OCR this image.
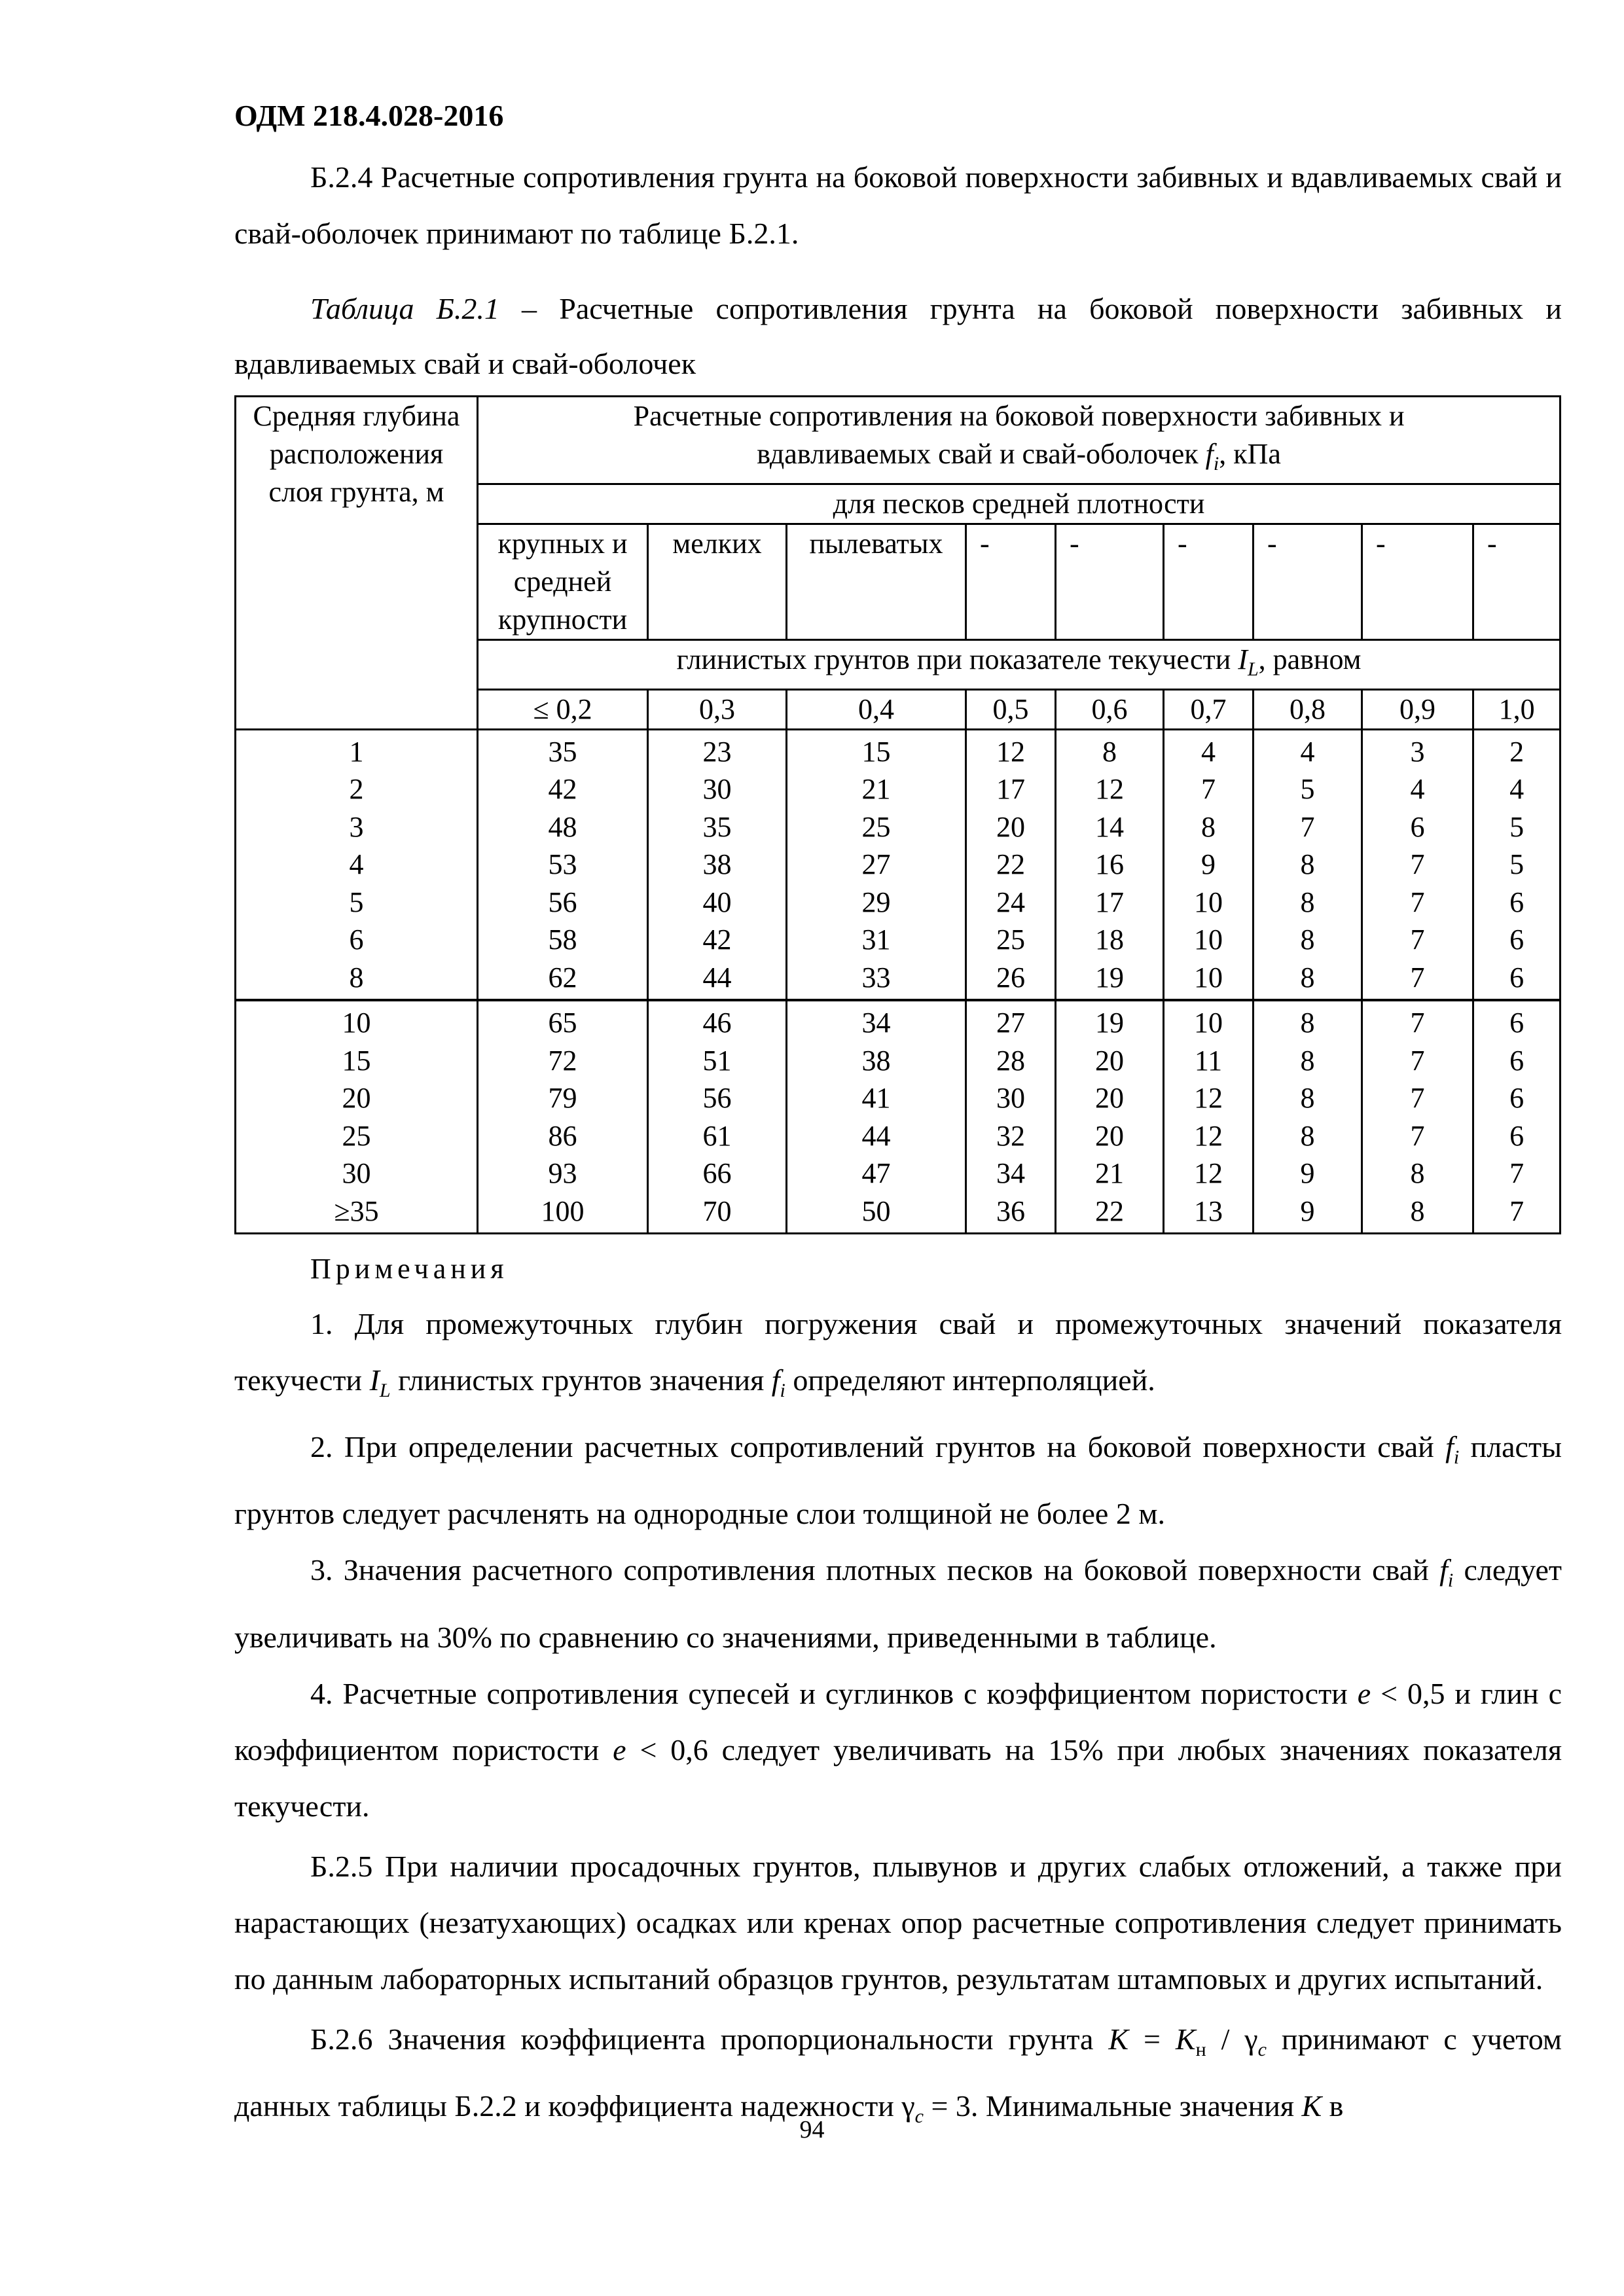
ОДМ 218.4.028-2016

Б.2.4 Расчетные сопротивления грунта на боковой поверхности забивных и вдавливаемых свай и свай-оболочек принимают по таблице Б.2.1.

Таблица Б.2.1 – Расчетные сопротивления грунта на боковой поверхности забивных и вдавливаемых свай и свай-оболочек

Средняя глубина расположения слоя грунта, м	Расчетные сопротивления на боковой поверхности забивных и вдавливаемых свай и свай-оболочек $f_i$, кПа								
	для песков средней плотности								
	крупных и средней крупности	мелких	пылеватых	-	-	-	-	-	-
	глинистых грунтов при показателе текучести $I_L$, равном								
	≤ 0,2	0,3	0,4	0,5	0,6	0,7	0,8	0,9	1,0
1	35	23	15	12	8	4	4	3	2
2	42	30	21	17	12	7	5	4	4
3	48	35	25	20	14	8	7	6	5
4	53	38	27	22	16	9	8	7	5
5	56	40	29	24	17	10	8	7	6
6	58	42	31	25	18	10	8	7	6
8	62	44	33	26	19	10	8	7	6
10	65	46	34	27	19	10	8	7	6
15	72	51	38	28	20	11	8	7	6
20	79	56	41	30	20	12	8	7	6
25	86	61	44	32	20	12	8	7	6
30	93	66	47	34	21	12	9	8	7
≥35	100	70	50	36	22	13	9	8	7
Примечания

1. Для промежуточных глубин погружения свай и промежуточных значений показателя текучести $I_L$ глинистых грунтов значения $f_i$ определяют интерполяцией.

2. При определении расчетных сопротивлений грунтов на боковой поверхности свай $f_i$ пласты грунтов следует расчленять на однородные слои толщиной не более 2 м.

3. Значения расчетного сопротивления плотных песков на боковой поверхности свай $f_i$ следует увеличивать на 30% по сравнению со значениями, приведенными в таблице.

4. Расчетные сопротивления супесей и суглинков с коэффициентом пористости e < 0,5 и глин с коэффициентом пористости e < 0,6 следует увеличивать на 15% при любых значениях показателя текучести.

Б.2.5 При наличии просадочных грунтов, плывунов и других слабых отложений, а также при нарастающих (незатухающих) осадках или кренах опор расчетные сопротивления следует принимать по данным лабораторных испытаний образцов грунтов, результатам штамповых и других испытаний.

Б.2.6 Значения коэффициента пропорциональности грунта $K = K_н / \gamma_c$ принимают с учетом данных таблицы Б.2.2 и коэффициента надежности $\gamma_c = 3$. Минимальные значения K в

94
